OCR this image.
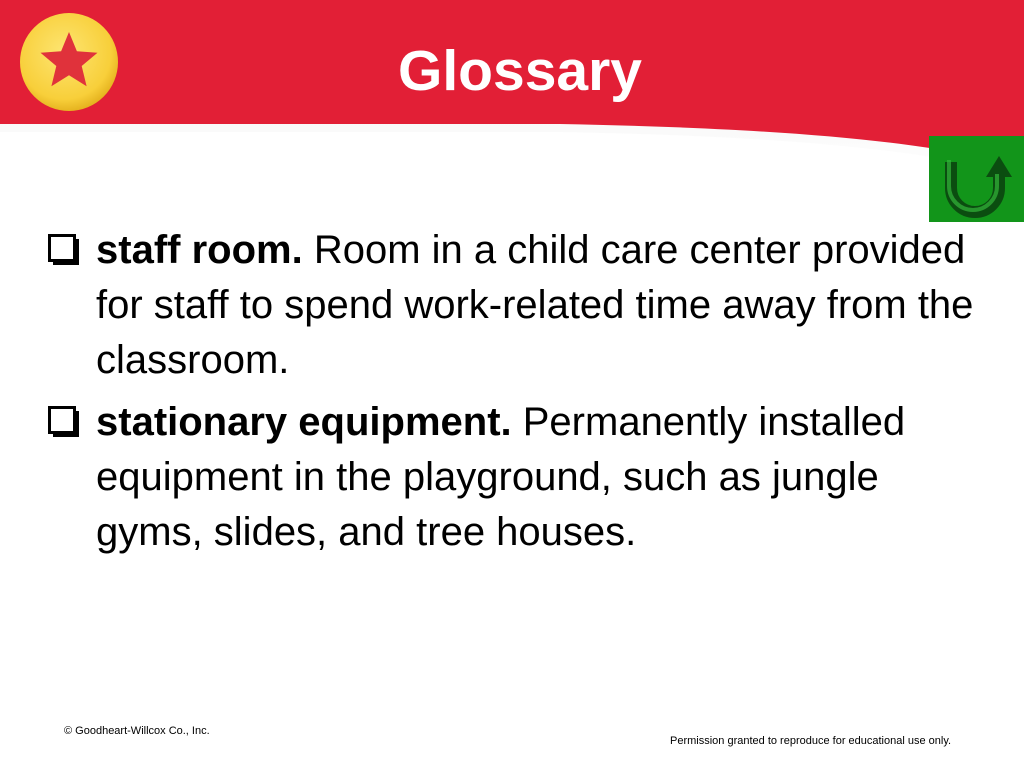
Glossary
staff room. Room in a child care center provided for staff to spend work-related time away from the classroom.
stationary equipment. Permanently installed equipment in the playground, such as jungle gyms, slides, and tree houses.
© Goodheart-Willcox Co., Inc.
Permission granted to reproduce for educational use only.
